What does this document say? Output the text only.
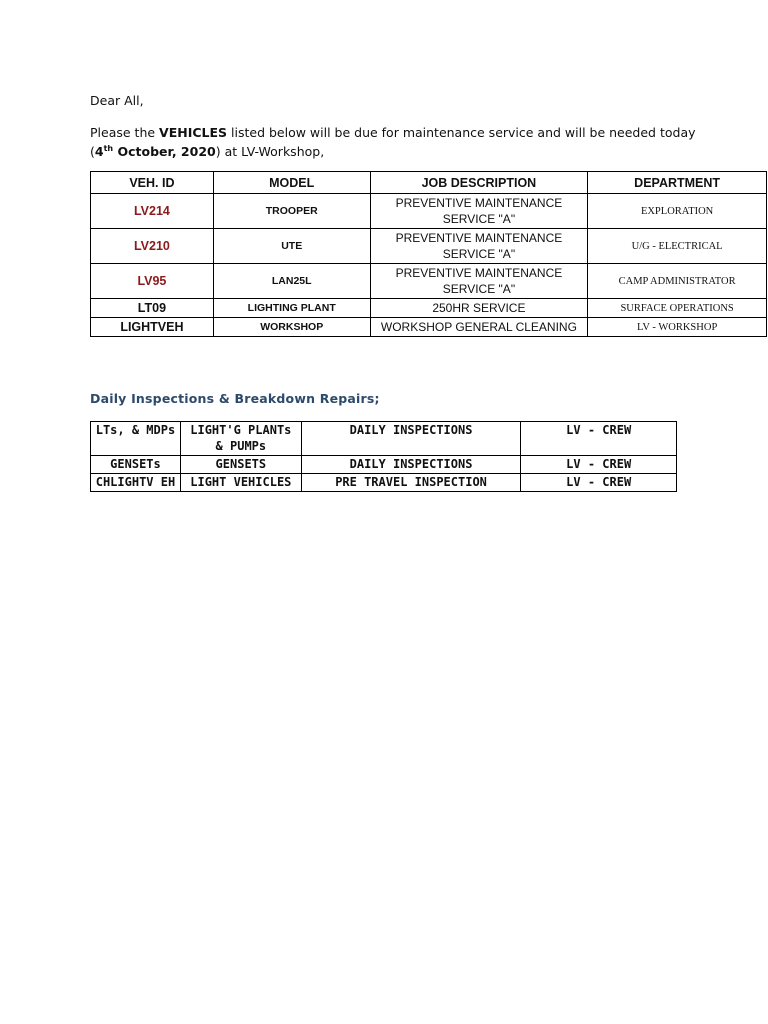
Dear All,
Please the VEHICLES listed below will be due for maintenance service and will be needed today (4th October, 2020) at LV-Workshop,
VEH. ID	MODEL	JOB DESCRIPTION	DEPARTMENT
LV214	TROOPER	PREVENTIVE MAINTENANCE SERVICE "A"	EXPLORATION
LV210	UTE	PREVENTIVE MAINTENANCE SERVICE "A"	U/G - ELECTRICAL
LV95	LAN25L	PREVENTIVE MAINTENANCE SERVICE "A"	CAMP ADMINISTRATOR
LT09	LIGHTING PLANT	250HR SERVICE	SURFACE OPERATIONS
LIGHTVEH	WORKSHOP	WORKSHOP GENERAL CLEANING	LV - WORKSHOP
Daily Inspections & Breakdown Repairs;
LTs, & MDPs	LIGHT'G PLANTs & PUMPs	DAILY INSPECTIONS	LV - CREW
GENSETs	GENSETS	DAILY INSPECTIONS	LV - CREW
CHLIGHTV EH	LIGHT VEHICLES	PRE TRAVEL INSPECTION	LV - CREW
